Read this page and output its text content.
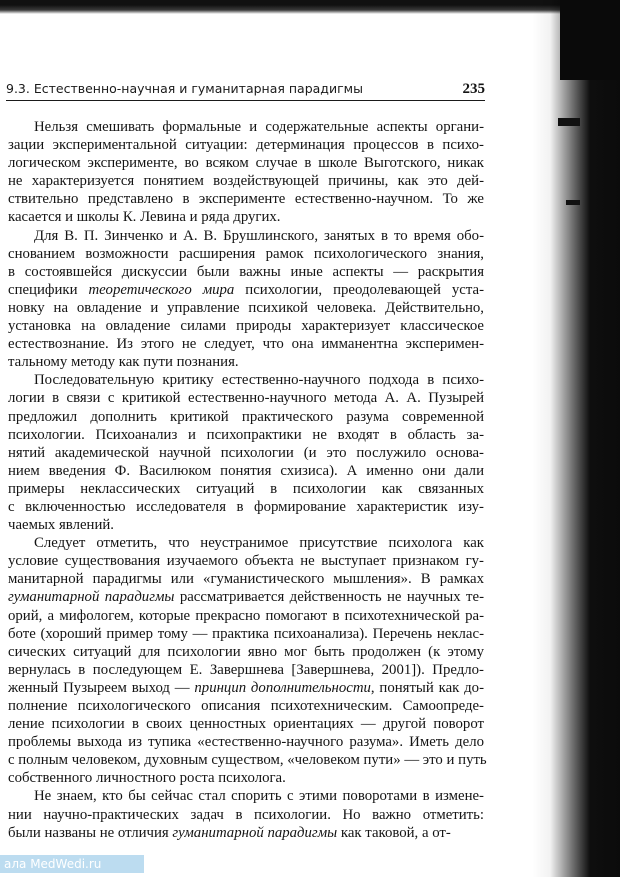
9.3. Естественно-научная и гуманитарная парадигмы	235
Нельзя смешивать формальные и содержательные аспекты органи-
зации экспериментальной ситуации: детерминация процессов в психо-
логическом эксперименте, во всяком случае в школе Выготского, никак
не характеризуется понятием воздействующей причины, как это дей-
ствительно представлено в эксперименте естественно-научном. То же
касается и школы К. Левина и ряда других.
Для В. П. Зинченко и А. В. Брушлинского, занятых в то время обо-
снованием возможности расширения рамок психологического знания,
в состоявшейся дискуссии были важны иные аспекты — раскрытия
специфики теоретического мира психологии, преодолевающей уста-
новку на овладение и управление психикой человека. Действительно,
установка на овладение силами природы характеризует классическое
естествознание. Из этого не следует, что она имманентна эксперимен-
тальному методу как пути познания.
Последовательную критику естественно-научного подхода в психо-
логии в связи с критикой естественно-научного метода А. А. Пузырей
предложил дополнить критикой практического разума современной
психологии. Психоанализ и психопрактики не входят в область за-
нятий академической научной психологии (и это послужило основа-
нием введения Ф. Василюком понятия схизиса). А именно они дали
примеры неклассических ситуаций в психологии как связанных
с включенностью исследователя в формирование характеристик изу-
чаемых явлений.
Следует отметить, что неустранимое присутствие психолога как
условие существования изучаемого объекта не выступает признаком гу-
манитарной парадигмы или «гуманистического мышления». В рамках
гуманитарной парадигмы рассматривается действенность не научных те-
орий, а мифологем, которые прекрасно помогают в психотехнической ра-
боте (хороший пример тому — практика психоанализа). Перечень неклас-
сических ситуаций для психологии явно мог быть продолжен (к этому
вернулась в последующем Е. Завершнева [Завершнева, 2001]). Предло-
женный Пузыреем выход — принцип дополнительности, понятый как до-
полнение психологического описания психотехническим. Самоопреде-
ление психологии в своих ценностных ориентациях — другой поворот
проблемы выхода из тупика «естественно-научного разума». Иметь дело
с полным человеком, духовным существом, «человеком пути» — это и путь
собственного личностного роста психолога.
Не знаем, кто бы сейчас стал спорить с этими поворотами в измене-
нии научно-практических задач в психологии. Но важно отметить:
были названы не отличия гуманитарной парадигмы как таковой, а от-
ала MedWedi.ru
